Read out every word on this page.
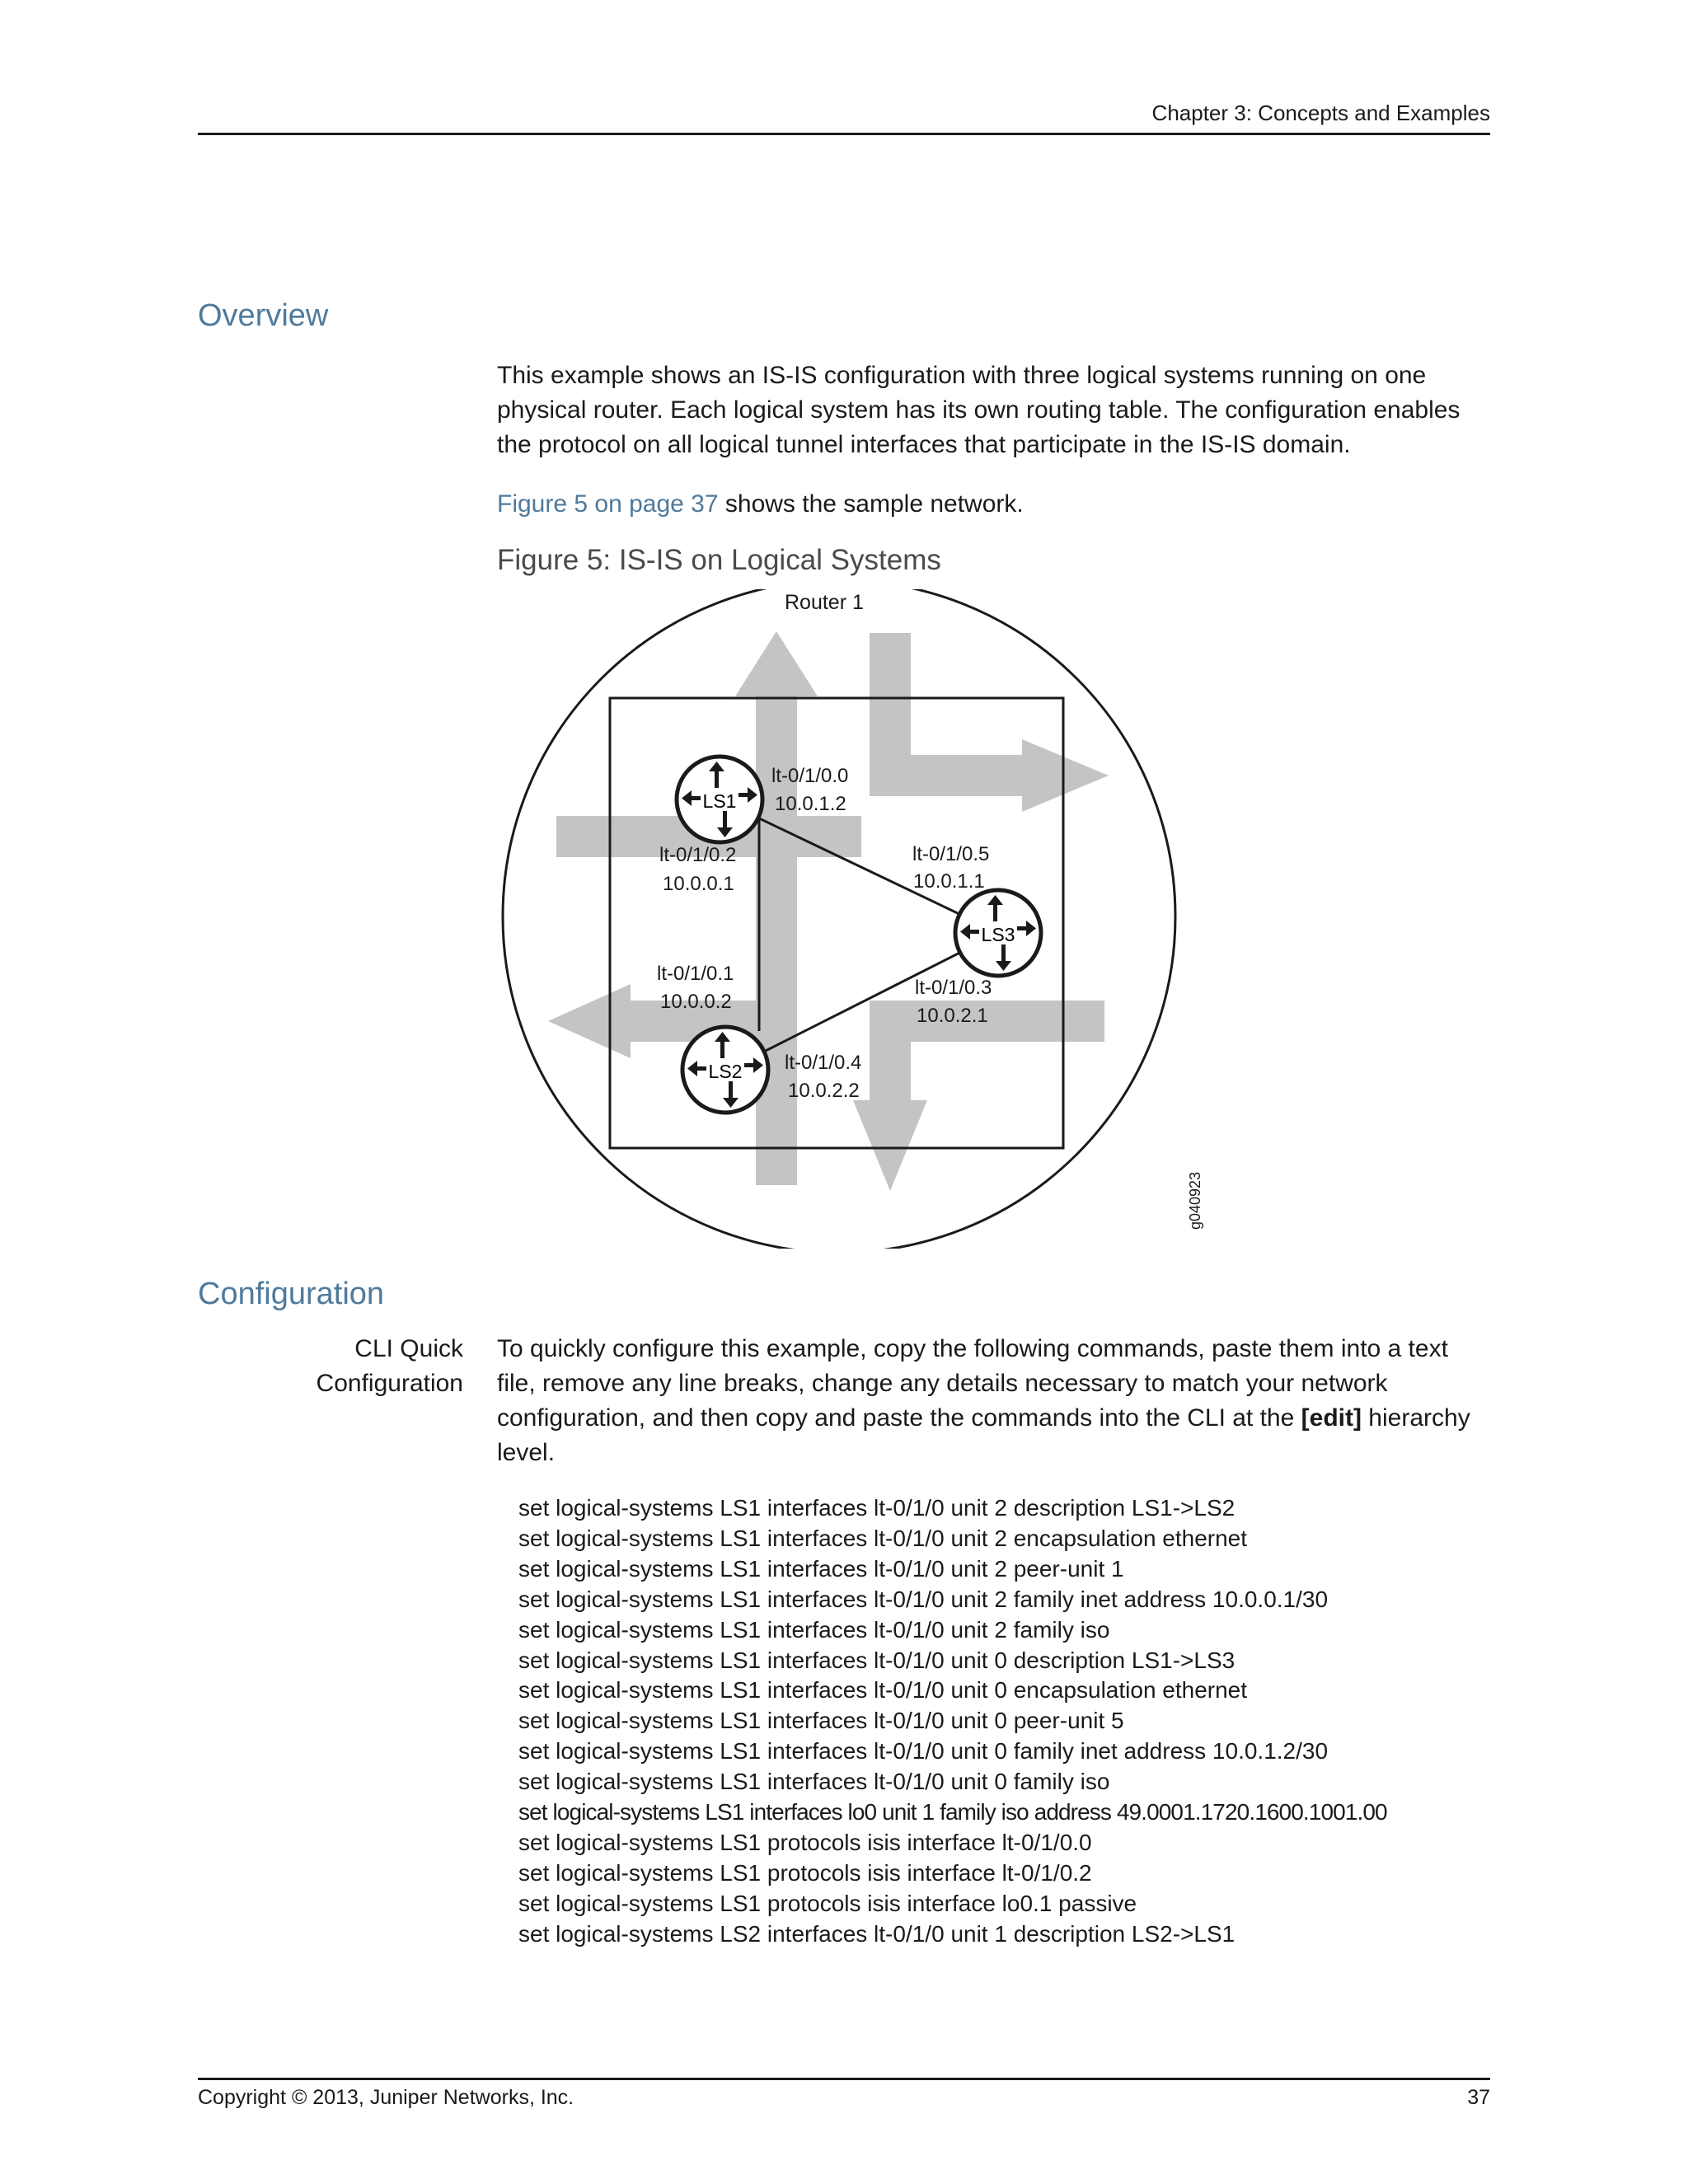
Chapter 3: Concepts and Examples
Overview

This example shows an IS-IS configuration with three logical systems running on one physical router. Each logical system has its own routing table. The configuration enables the protocol on all logical tunnel interfaces that participate in the IS-IS domain.

Figure 5 on page 37 shows the sample network.

Figure 5: IS-IS on Logical Systems
LS1
LS2
LS3
Router 1
lt-0/1/0.0
10.0.1.2
lt-0/1/0.5
10.0.1.1
lt-0/1/0.2
10.0.0.1
lt-0/1/0.1
10.0.0.2
lt-0/1/0.3
10.0.2.1
lt-0/1/0.4
10.0.2.2
g040923
Configuration
CLI Quick
Configuration

To quickly configure this example, copy the following commands, paste them into a text file, remove any line breaks, change any details necessary to match your network configuration, and then copy and paste the commands into the CLI at the [edit] hierarchy level.

set logical-systems LS1 interfaces lt-0/1/0 unit 2 description LS1->LS2
set logical-systems LS1 interfaces lt-0/1/0 unit 2 encapsulation ethernet
set logical-systems LS1 interfaces lt-0/1/0 unit 2 peer-unit 1
set logical-systems LS1 interfaces lt-0/1/0 unit 2 family inet address 10.0.0.1/30
set logical-systems LS1 interfaces lt-0/1/0 unit 2 family iso
set logical-systems LS1 interfaces lt-0/1/0 unit 0 description LS1->LS3
set logical-systems LS1 interfaces lt-0/1/0 unit 0 encapsulation ethernet
set logical-systems LS1 interfaces lt-0/1/0 unit 0 peer-unit 5
set logical-systems LS1 interfaces lt-0/1/0 unit 0 family inet address 10.0.1.2/30
set logical-systems LS1 interfaces lt-0/1/0 unit 0 family iso
set logical-systems LS1 interfaces lo0 unit 1 family iso address 49.0001.1720.1600.1001.00
set logical-systems LS1 protocols isis interface lt-0/1/0.0
set logical-systems LS1 protocols isis interface lt-0/1/0.2
set logical-systems LS1 protocols isis interface lo0.1 passive
set logical-systems LS2 interfaces lt-0/1/0 unit 1 description LS2->LS1
Copyright © 2013, Juniper Networks, Inc.	37
